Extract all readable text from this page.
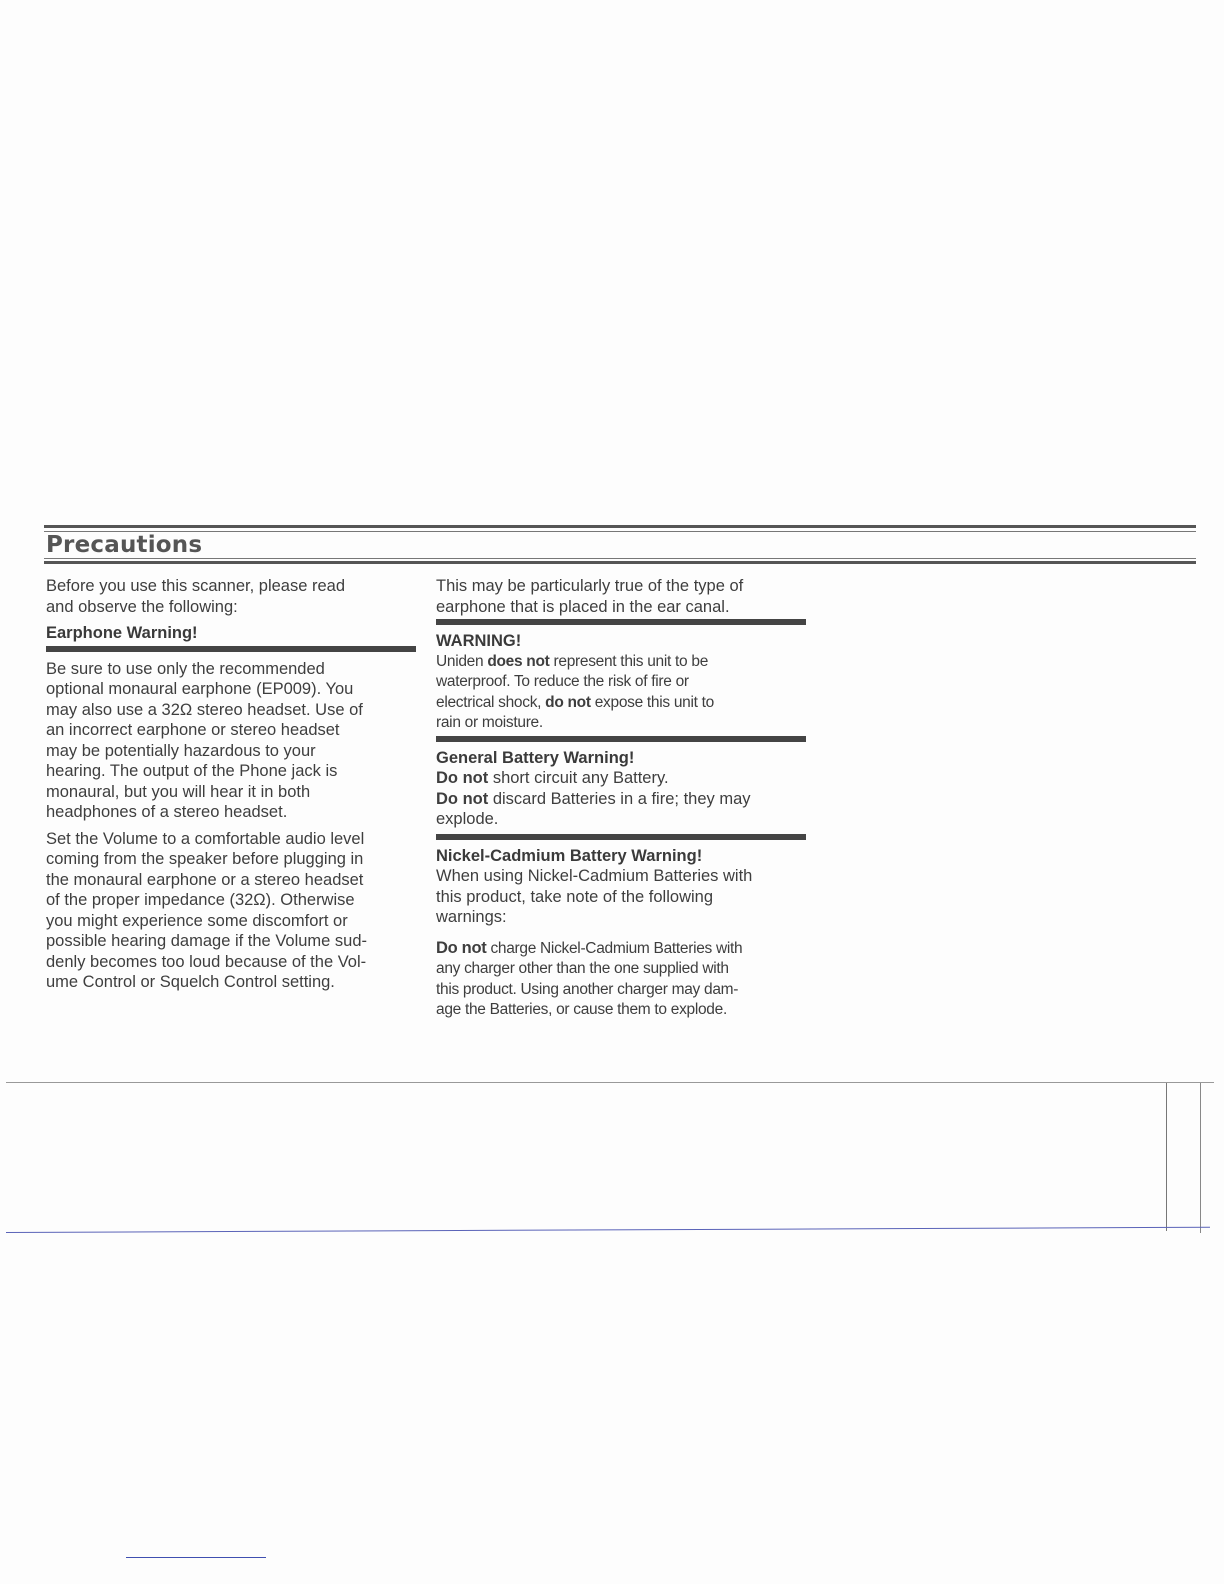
Precautions

Before you use this scanner, please read
and observe the following:

Earphone Warning!

Be sure to use only the recommended
optional monaural earphone (EP009). You
may also use a 32Ω stereo headset. Use of
an incorrect earphone or stereo headset
may be potentially hazardous to your
hearing. The output of the Phone jack is
monaural, but you will hear it in both
headphones of a stereo headset.

Set the Volume to a comfortable audio level
coming from the speaker before plugging in
the monaural earphone or a stereo headset
of the proper impedance (32Ω). Otherwise
you might experience some discomfort or
possible hearing damage if the Volume sud-
denly becomes too loud because of the Vol-
ume Control or Squelch Control setting.

This may be particularly true of the type of
earphone that is placed in the ear canal.

WARNING!

Uniden does not represent this unit to be
waterproof. To reduce the risk of fire or
electrical shock, do not expose this unit to
rain or moisture.

General Battery Warning!

Do not short circuit any Battery.

Do not discard Batteries in a fire; they may
explode.

Nickel-Cadmium Battery Warning!

When using Nickel-Cadmium Batteries with
this product, take note of the following
warnings:

Do not charge Nickel-Cadmium Batteries with
any charger other than the one supplied with
this product. Using another charger may dam-
age the Batteries, or cause them to explode.
